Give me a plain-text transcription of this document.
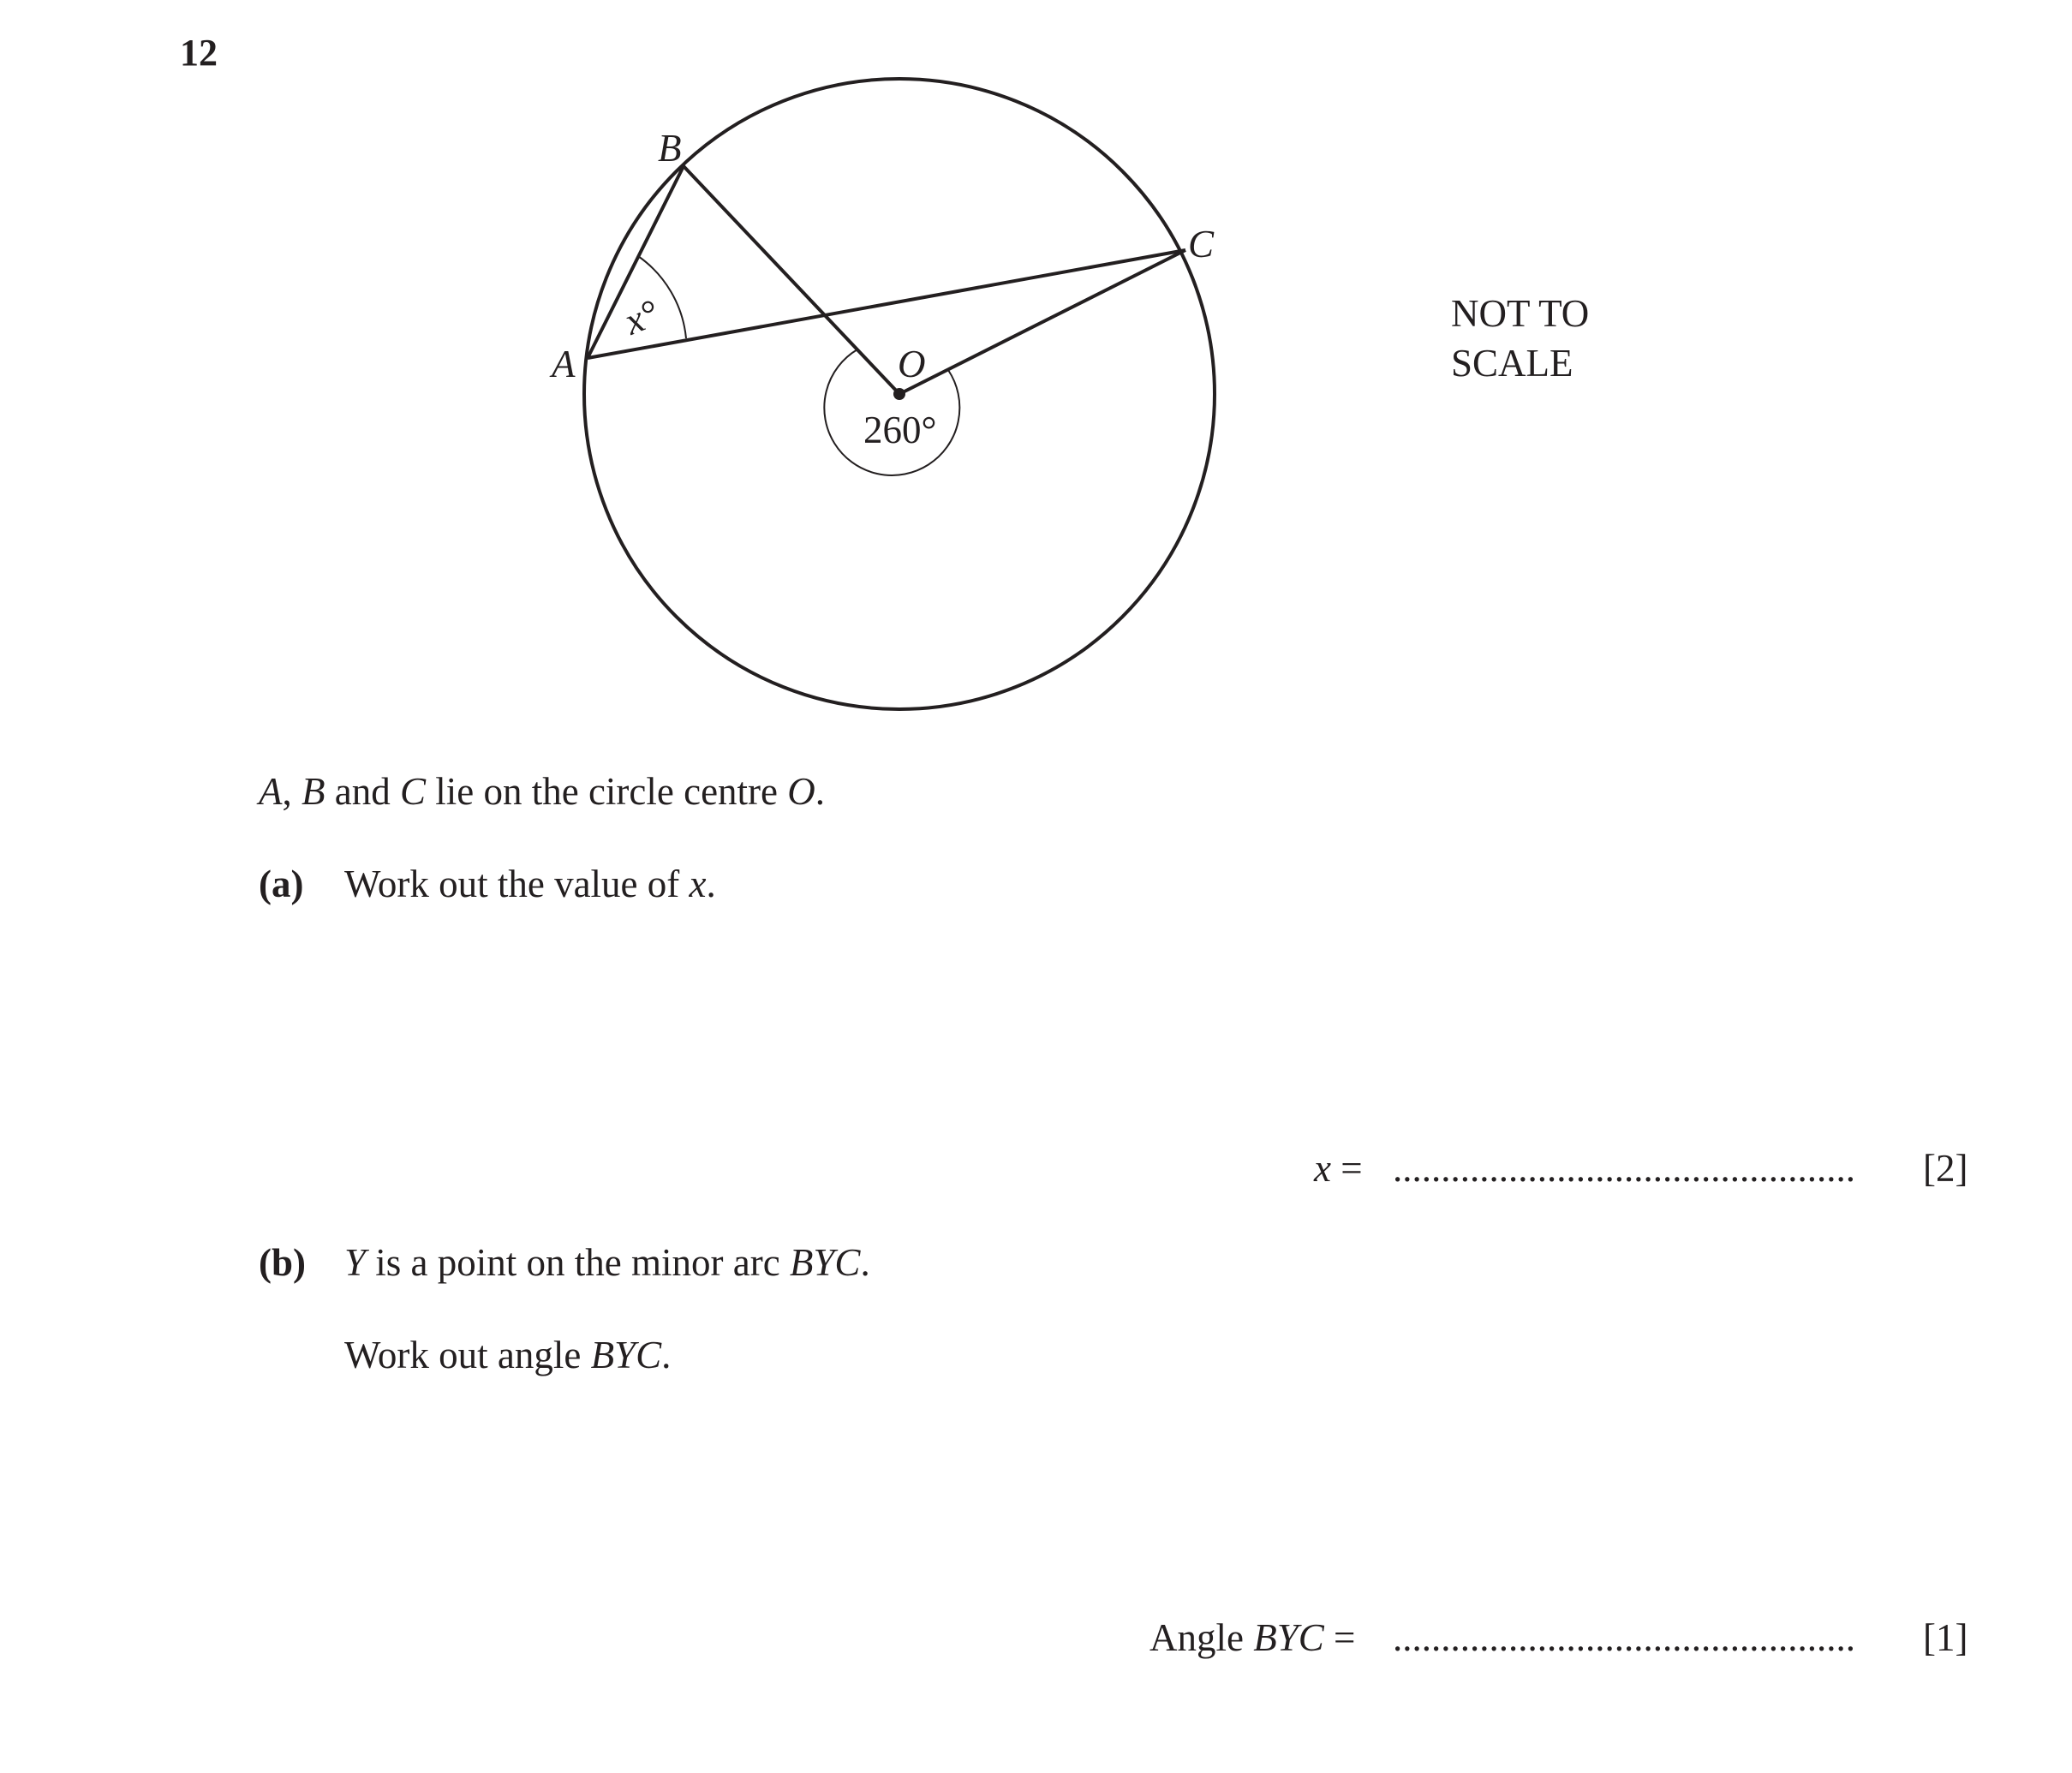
12
A
B
C
O
x°
260°
NOT TO
SCALE
A, B and C lie on the circle centre O.
(a) Work out the value of x.
x = ................................................	[2]
(b) Y is a point on the minor arc BYC.
Work out angle BYC.
Angle BYC = ................................................	[1]
